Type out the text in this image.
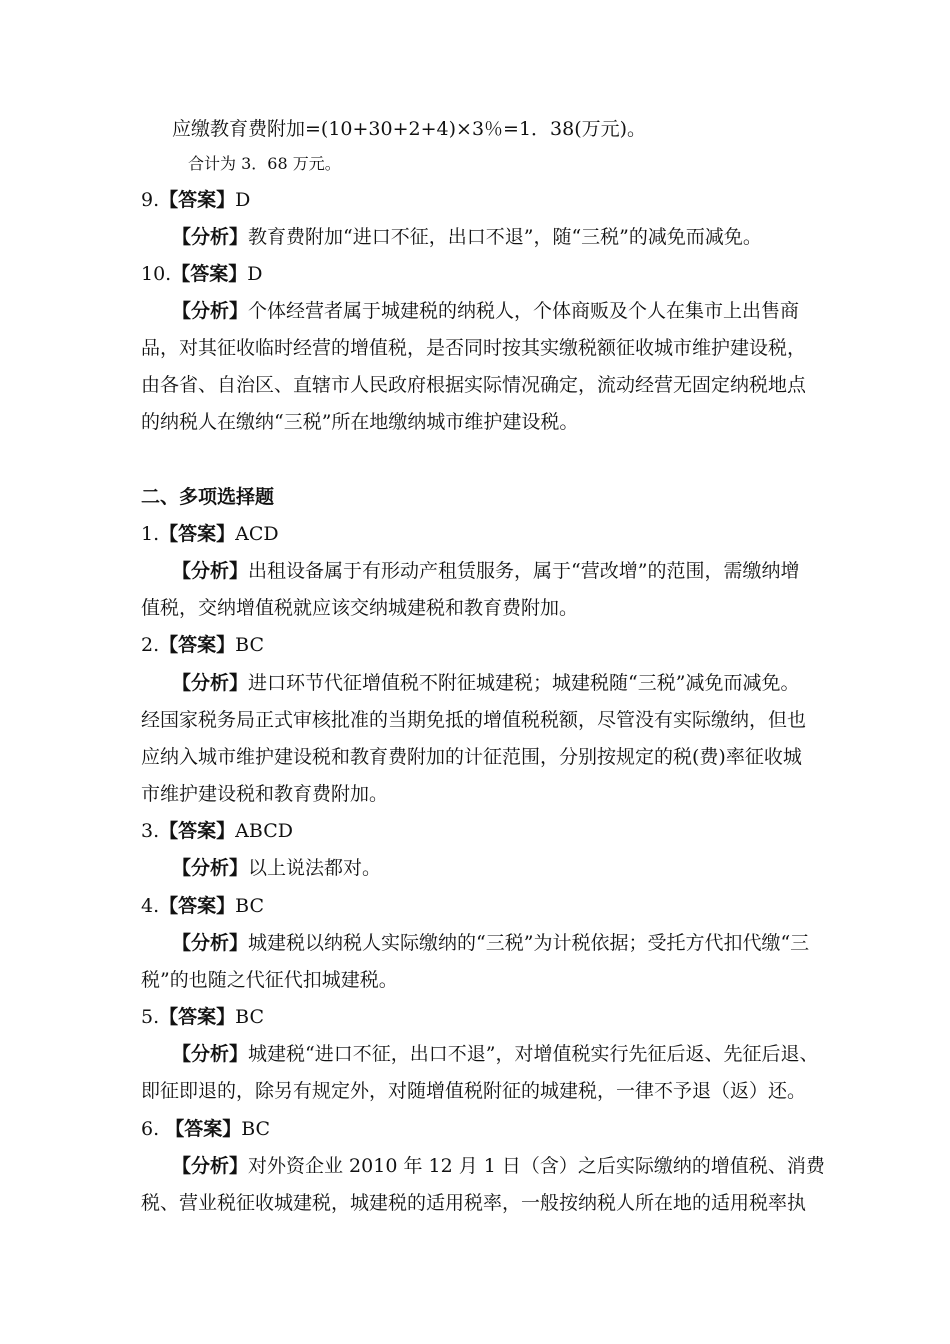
应缴教育费附加=(10+30+2+4)×3％=1．38(万元)。
合计为 3．68 万元。
9.【答案】D
【分析】教育费附加“进口不征，出口不退”，随“三税”的减免而减免。
10.【答案】D
【分析】个体经营者属于城建税的纳税人，个体商贩及个人在集市上出售商
品，对其征收临时经营的增值税，是否同时按其实缴税额征收城市维护建设税，
由各省、自治区、直辖市人民政府根据实际情况确定，流动经营无固定纳税地点
的纳税人在缴纳“三税”所在地缴纳城市维护建设税。
二、多项选择题
1.【答案】ACD
【分析】出租设备属于有形动产租赁服务，属于“营改增”的范围，需缴纳增
值税，交纳增值税就应该交纳城建税和教育费附加。
2.【答案】BC
【分析】进口环节代征增值税不附征城建税；城建税随“三税”减免而减免。
经国家税务局正式审核批准的当期免抵的增值税税额，尽管没有实际缴纳，但也
应纳入城市维护建设税和教育费附加的计征范围，分别按规定的税(费)率征收城
市维护建设税和教育费附加。
3.【答案】ABCD
【分析】以上说法都对。
4.【答案】BC
【分析】城建税以纳税人实际缴纳的“三税”为计税依据；受托方代扣代缴“三
税”的也随之代征代扣城建税。
5.【答案】BC
【分析】城建税“进口不征，出口不退”，对增值税实行先征后返、先征后退、
即征即退的，除另有规定外，对随增值税附征的城建税，一律不予退（返）还。
6. 【答案】BC
【分析】对外资企业 2010 年 12 月 1 日（含）之后实际缴纳的增值税、消费
税、营业税征收城建税，城建税的适用税率，一般按纳税人所在地的适用税率执
